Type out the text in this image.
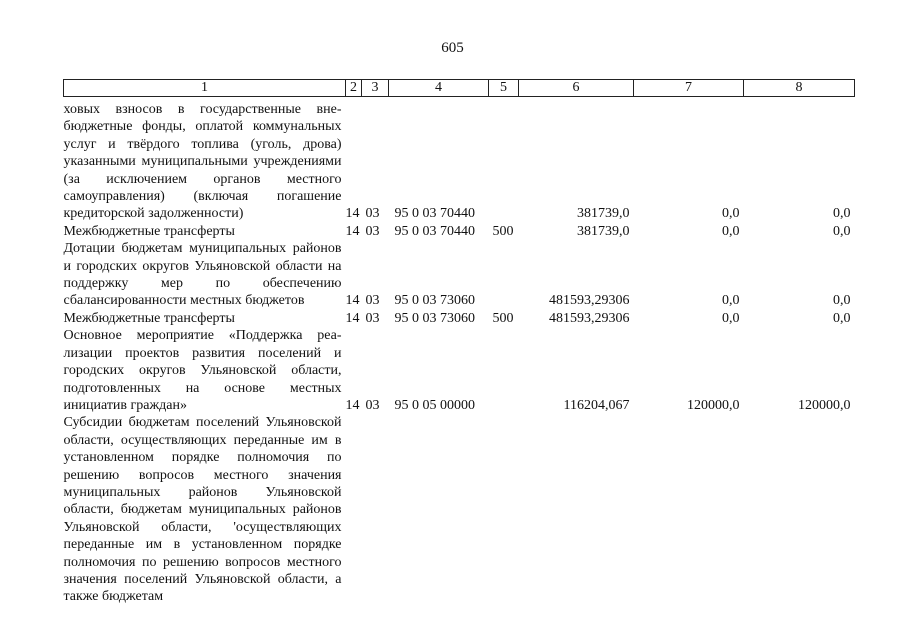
605
1	2	3	4	5	6	7	8
ховых взносов в государственные внебюджетные фонды, оплатой коммунальных услуг и твёрдого топлива (уголь, дрова) указанными муниципальными учреждениями (за исключением органов местного самоуправления) (включая погашение кредиторской задолженности)	14	03	95 0 03 70440		381739,0	0,0	0,0
Межбюджетные трансферты	14	03	95 0 03 70440	500	381739,0	0,0	0,0
Дотации бюджетам муниципальных районов и городских округов Ульяновской области на поддержку мер по обеспечению сбалансированности местных бюджетов	14	03	95 0 03 73060		481593,29306	0,0	0,0
Межбюджетные трансферты	14	03	95 0 03 73060	500	481593,29306	0,0	0,0
Основное мероприятие «Поддержка реализации проектов развития поселений и городских округов Ульяновской области, подготовленных на основе местных инициатив граждан»	14	03	95 0 05 00000		116204,067	120000,0	120000,0
Субсидии бюджетам поселений Ульяновской области, осуществляющих переданные им в установленном порядке полномочия по решению вопросов местного значения муниципальных районов Ульяновской области, бюджетам муниципальных районов Ульяновской области, 'осуществляющих переданные им в установленном порядке полномочия по решению вопросов местного значения поселений Ульяновской области, а также бюджетам							
